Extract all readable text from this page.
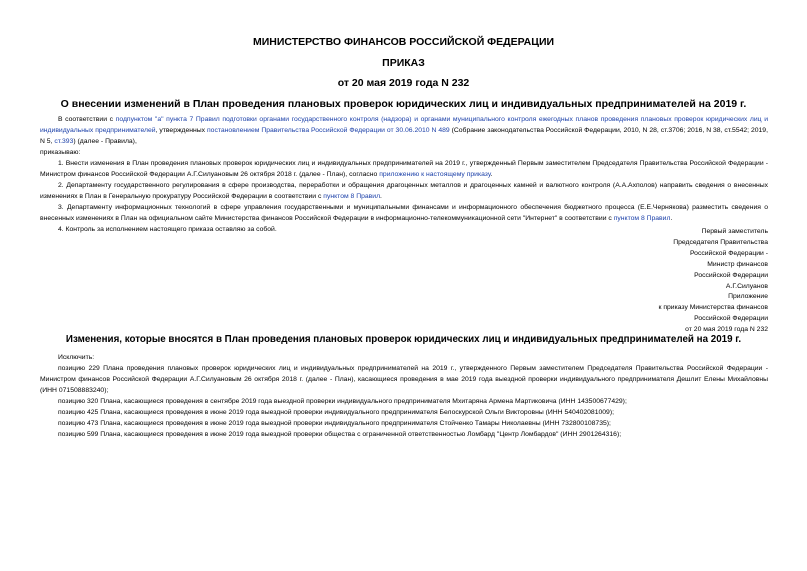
МИНИСТЕРСТВО ФИНАНСОВ РОССИЙСКОЙ ФЕДЕРАЦИИ
ПРИКАЗ
от 20 мая 2019 года N 232
О внесении изменений в План проведения плановых проверок юридических лиц и индивидуальных предпринимателей на 2019 г.

В соответствии с подпунктом "а" пункта 7 Правил подготовки органами государственного контроля (надзора) и органами муниципального контроля ежегодных планов проведения плановых проверок юридических лиц и индивидуальных предпринимателей, утвержденных постановлением Правительства Российской Федерации от 30.06.2010 N 489 (Собрание законодательства Российской Федерации, 2010, N 28, ст.3706; 2016, N 38, ст.5542; 2019, N 5, ст.393) (далее - Правила),

приказываю:

1. Внести изменения в План проведения плановых проверок юридических лиц и индивидуальных предпринимателей на 2019 г., утвержденный Первым заместителем Председателя Правительства Российской Федерации - Министром финансов Российской Федерации А.Г.Силуановым 26 октября 2018 г. (далее - План), согласно приложению к настоящему приказу.

2. Департаменту государственного регулирования в сфере производства, переработки и обращения драгоценных металлов и драгоценных камней и валютного контроля (А.А.Ахполов) направить сведения о внесенных изменениях в План в Генеральную прокуратуру Российской Федерации в соответствии с пунктом 8 Правил.

3. Департаменту информационных технологий в сфере управления государственными и муниципальными финансами и информационного обеспечения бюджетного процесса (Е.Е.Чернякова) разместить сведения о внесенных изменениях в План на официальном сайте Министерства финансов Российской Федерации в информационно-телекоммуникационной сети "Интернет" в соответствии с пунктом 8 Правил.

4. Контроль за исполнением настоящего приказа оставляю за собой.	Первый заместитель
Председателя Правительства
Российской Федерации -
Министр финансов
Российской Федерации
А.Г.Силуанов
Приложение
к приказу Министерства финансов
Российской Федерации
от 20 мая 2019 года N 232
Изменения, которые вносятся в План проведения плановых проверок юридических лиц и индивидуальных предпринимателей на 2019 г.

Исключить:

позицию 229 Плана проведения плановых проверок юридических лиц и индивидуальных предпринимателей на 2019 г., утвержденного Первым заместителем Председателя Правительства Российской Федерации - Министром финансов Российской Федерации А.Г.Силуановым 26 октября 2018 г. (далее - План), касающиеся проведения в мае 2019 года выездной проверки индивидуального предпринимателя Дешлит Елены Михайловны (ИНН 071508883240);

позицию 320 Плана, касающиеся проведения в сентябре 2019 года выездной проверки индивидуального предпринимателя Мхитаряна Армена Мартиковича (ИНН 143500677429);

позицию 425 Плана, касающиеся проведения в июне 2019 года выездной проверки индивидуального предпринимателя Белоскурской Ольги Викторовны (ИНН 540402081009);

позицию 473 Плана, касающиеся проведения в июне 2019 года выездной проверки индивидуального предпринимателя Стойченко Тамары Николаевны (ИНН 732800108735);

позицию 599 Плана, касающиеся проведения в июне 2019 года выездной проверки общества с ограниченной ответственностью Ломбард "Центр Ломбардов" (ИНН 2901264316);
